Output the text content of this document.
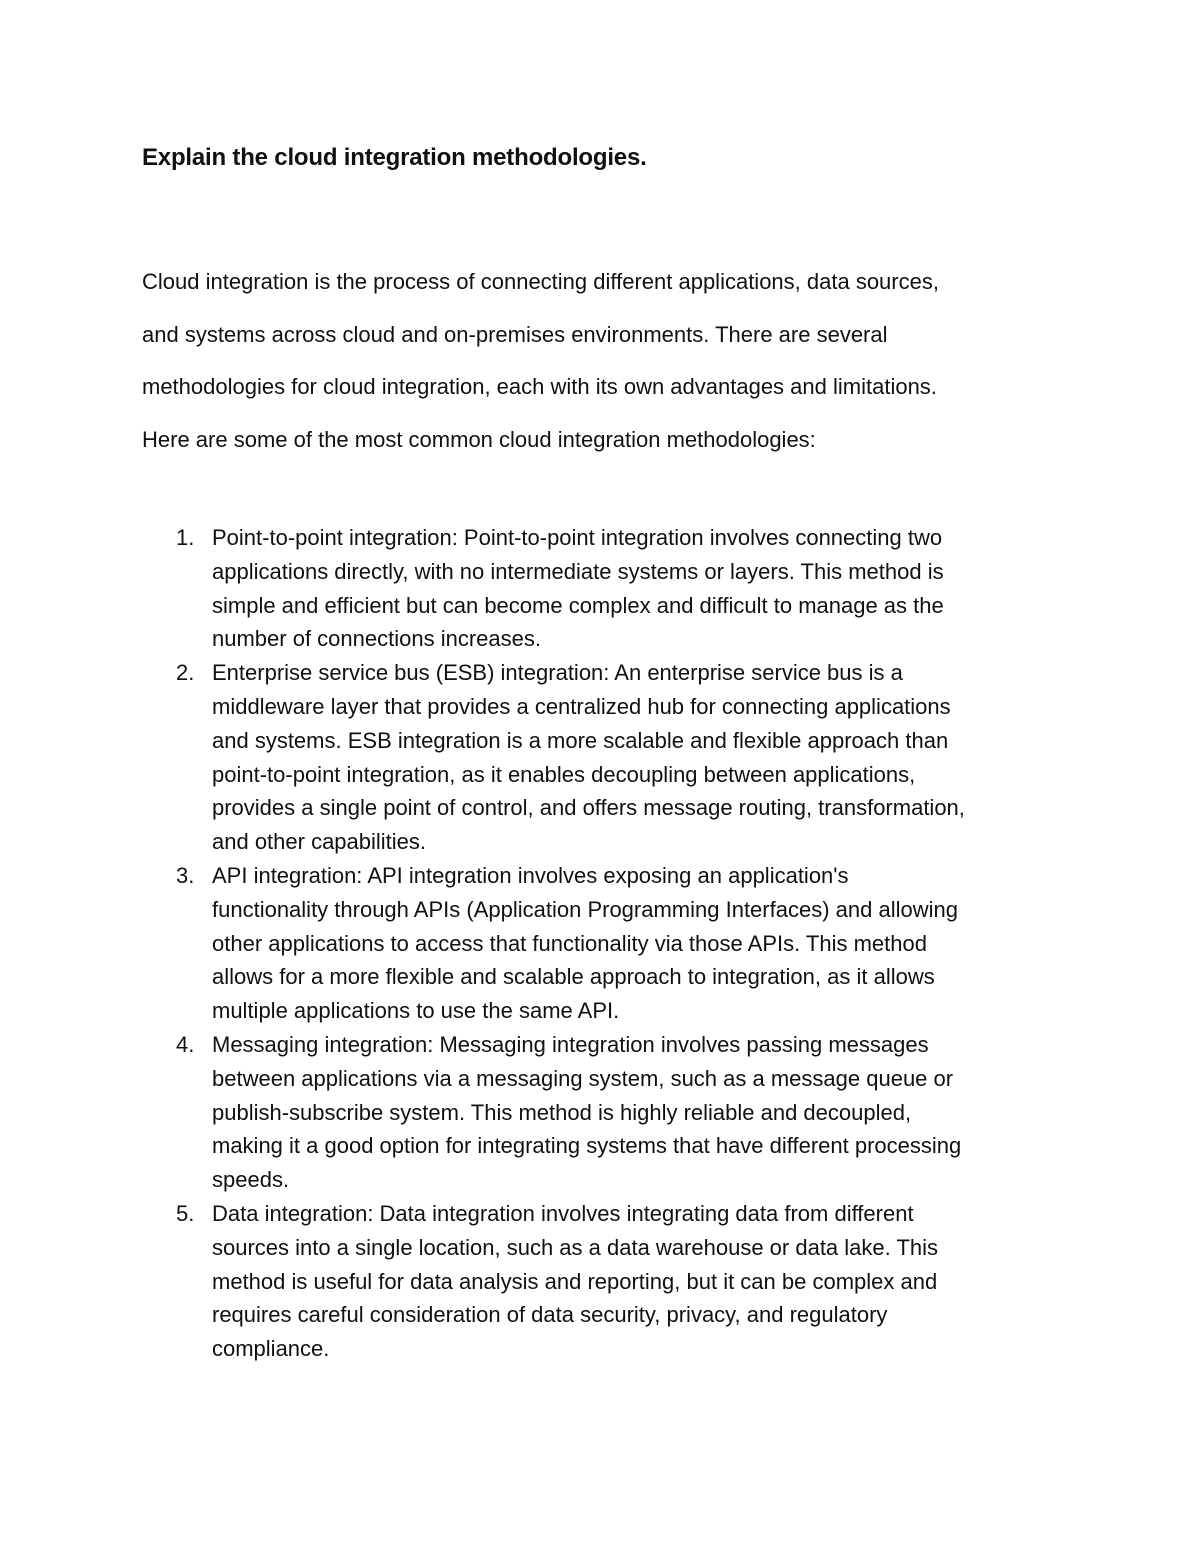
Explain the cloud integration methodologies.

Cloud integration is the process of connecting different applications, data sources,
and systems across cloud and on-premises environments. There are several
methodologies for cloud integration, each with its own advantages and limitations.
Here are some of the most common cloud integration methodologies:

1. Point-to-point integration: Point-to-point integration involves connecting two
applications directly, with no intermediate systems or layers. This method is
simple and efficient but can become complex and difficult to manage as the
number of connections increases.
2. Enterprise service bus (ESB) integration: An enterprise service bus is a
middleware layer that provides a centralized hub for connecting applications
and systems. ESB integration is a more scalable and flexible approach than
point-to-point integration, as it enables decoupling between applications,
provides a single point of control, and offers message routing, transformation,
and other capabilities.
3. API integration: API integration involves exposing an application's
functionality through APIs (Application Programming Interfaces) and allowing
other applications to access that functionality via those APIs. This method
allows for a more flexible and scalable approach to integration, as it allows
multiple applications to use the same API.
4. Messaging integration: Messaging integration involves passing messages
between applications via a messaging system, such as a message queue or
publish-subscribe system. This method is highly reliable and decoupled,
making it a good option for integrating systems that have different processing
speeds.
5. Data integration: Data integration involves integrating data from different
sources into a single location, such as a data warehouse or data lake. This
method is useful for data analysis and reporting, but it can be complex and
requires careful consideration of data security, privacy, and regulatory
compliance.
